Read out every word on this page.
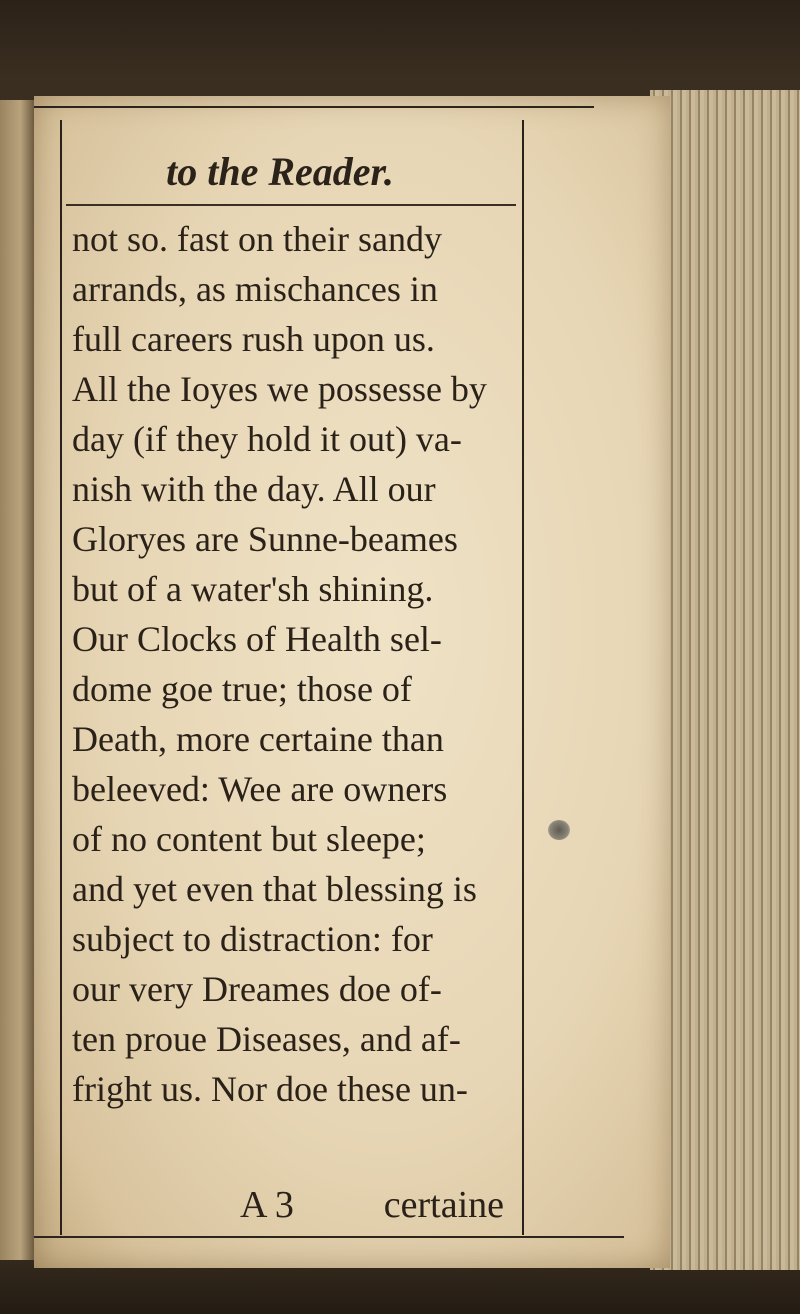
to the Reader.
not so. fast on their sandy
arrands, as mischances in
full careers rush upon us.
All the Ioyes we possesse by
day (if they hold it out) va-
nish with the day. All our
Gloryes are Sunne-beames
but of a water'sh shining.
Our Clocks of Health sel-
dome goe true; those of
Death, more certaine than
beleeved: Wee are owners
of no content but sleepe;
and yet even that blessing is
subject to distraction: for
our very Dreames doe of-
ten proue Diseases, and af-
fright us. Nor doe these un-
A 3 certaine
